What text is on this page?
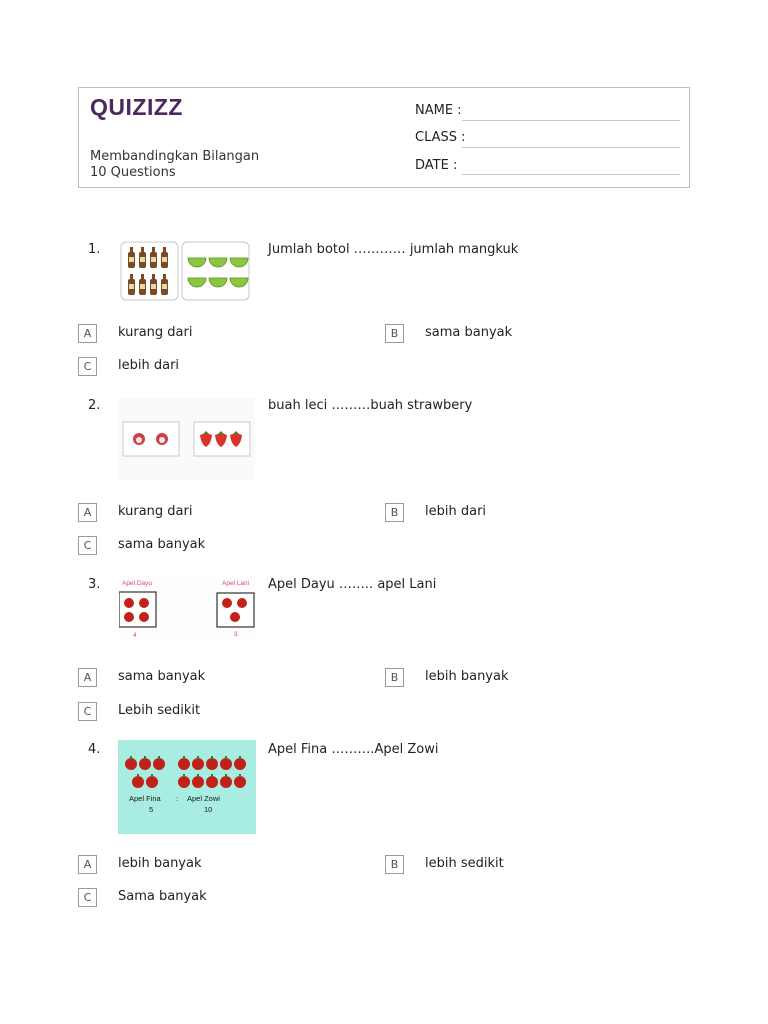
QUIZIZZ
Membandingkan Bilangan
10 Questions
NAME :
CLASS :
DATE :
1.	Jumlah botol ………… jumlah mangkuk
A	kurang dari	B	sama banyak
C	lebih dari
2.	buah leci ………buah strawbery
A	kurang dari	B	lebih dari
C	sama banyak
3.	Apel Dayu	Apel Lani
4	3
Apel Dayu …….. apel Lani
A	sama banyak	B	lebih banyak
C	Lebih sedikit
4.
Apel Fina : Apel Zowi
5	10
Apel Fina ……….Apel Zowi
A	lebih banyak	B	lebih sedikit
C	Sama banyak
